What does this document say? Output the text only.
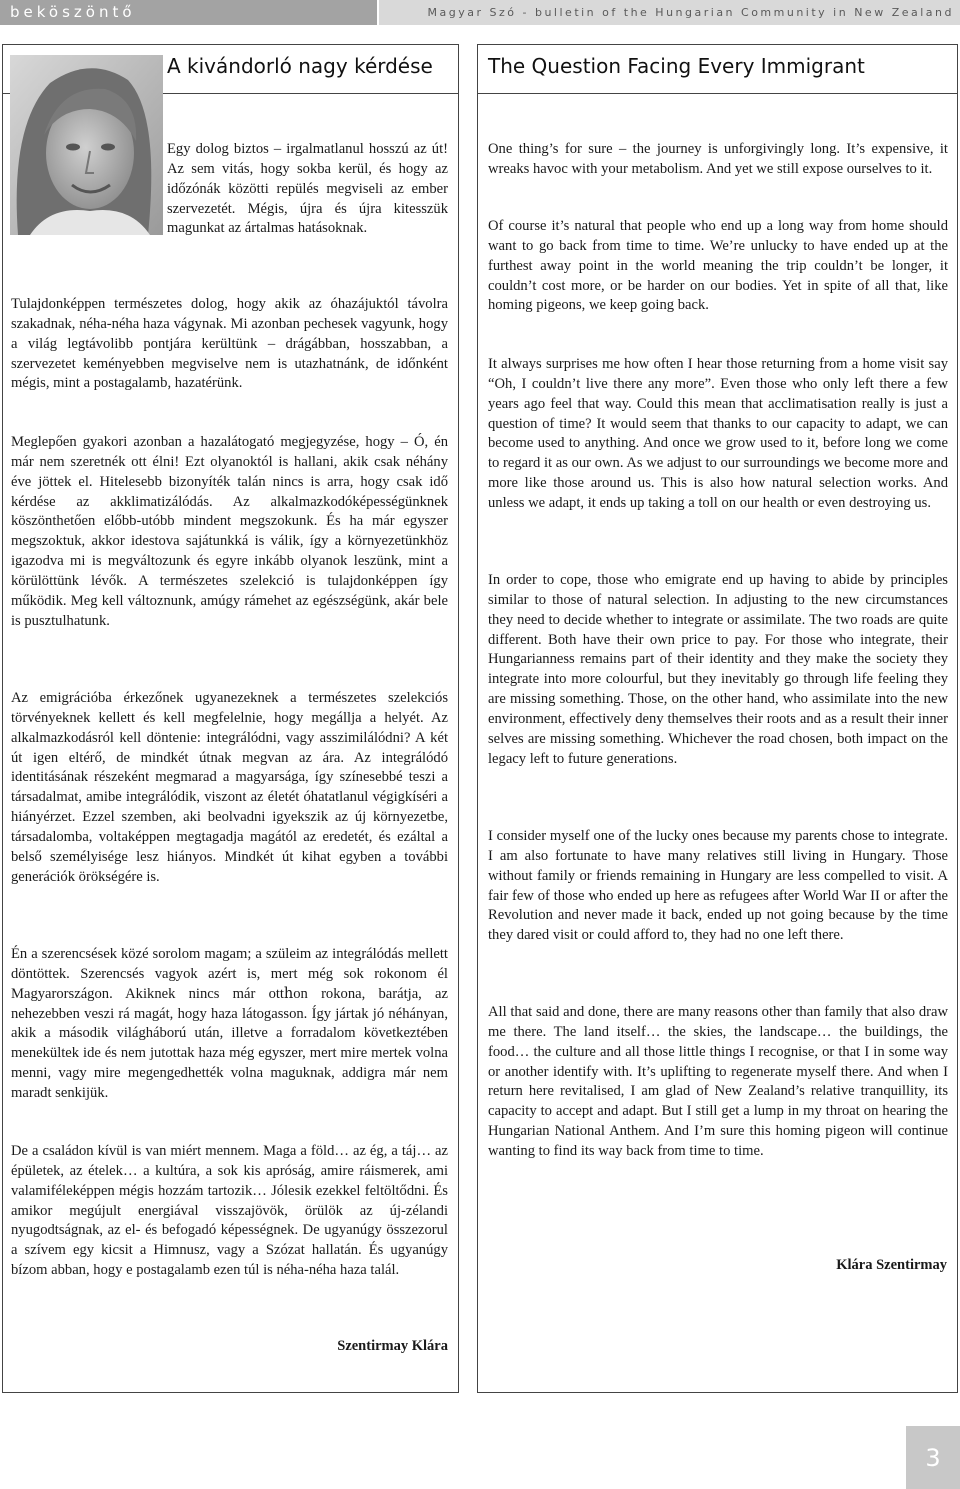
beköszöntő	Magyar Szó - bulletin of the Hungarian Community in New Zealand
A kivándorló nagy kérdése	The Question Facing Every Immigrant

Egy dolog biztos – irgalmatlanul hosszú az út! Az sem vitás, hogy sokba kerül, és hogy az időzónák közötti repülés megviseli az ember szervezetét. Mégis, újra és újra kitesszük magunkat az ártalmas hatásoknak.

Tulajdonképpen természetes dolog, hogy akik az óhazájuktól távolra szakadnak, néha-néha haza vágynak. Mi azonban pechesek vagyunk, hogy a világ legtávolibb pontjára kerültünk – drágábban, hosszabban, a szervezetet keményebben megviselve nem is utazhatnánk, de időnként mégis, mint a postagalamb, hazatérünk.

Meglepően gyakori azonban a hazalátogató megjegyzése, hogy – Ó, én már nem szeretnék ott élni! Ezt olyanoktól is hallani, akik csak néhány éve jöttek el. Hitelesebb bizonyíték talán nincs is arra, hogy csak idő kérdése az akklimatizálódás. Az alkalmazkodóképességünknek köszönthetően előbb-utóbb mindent megszokunk. És ha már egyszer megszoktuk, akkor idestova sajátunkká is válik, így a környezetünkhöz igazodva mi is megváltozunk és egyre inkább olyanok leszünk, mint a körülöttünk lévők. A természetes szelekció is tulajdonképpen így működik. Meg kell változnunk, amúgy rámehet az egészségünk, akár bele is pusztulhatunk.

Az emigrációba érkezőnek ugyanezeknek a természetes szelekciós törvényeknek kellett és kell megfelelnie, hogy megállja a helyét. Az alkalmazkodásról kell döntenie: integrálódni, vagy asszimilálódni? A két út igen eltérő, de mindkét útnak megvan az ára. Az integrálódó identitásának részeként megmarad a magyarsága, így színesebbé teszi a társadalmat, amibe integrálódik, viszont az életét óhatatlanul végigkíséri a hiányérzet. Ezzel szemben, aki beolvadni igyekszik az új környezetbe, társadalomba, voltaképpen megtagadja magától az eredetét, és ezáltal a belső személyisége lesz hiányos. Mindkét út kihat egyben a további generációk örökségére is.

Én a szerencsések közé sorolom magam; a szüleim az integrálódás mellett döntöttek. Szerencsés vagyok azért is, mert még sok rokonom él Magyarországon. Akiknek nincs már ottհon rokona, barátja, az nehezebben veszi rá magát, hogy haza látogasson. Így jártak jó néhányan, akik a második világháború után, illetve a forradalom következtében menekültek ide és nem jutottak haza még egyszer, mert mire mertek volna menni, vagy mire megengedhették volna maguknak, addigra már nem maradt senkijük.

De a családon kívül is van miért mennem. Maga a föld… az ég, a táj… az épületek, az ételek… a kultúra, a sok kis apróság, amire ráismerek, ami valamiféleképpen mégis hozzám tartozik… Jólesik ezekkel feltöltődni. És amikor megújult energiával visszajövök, örülök az új-zélandi nyugodtságnak, az el- és befogadó képességnek. De ugyanúgy összezorul a szívem egy kicsit a Himnusz, vagy a Szózat hallatán. És ugyanúgy bízom abban, hogy e postagalamb ezen túl is néha-néha haza talál.

Szentirmay Klára

One thing’s for sure – the journey is unforgivingly long. It’s expensive, it wreaks havoc with your metabolism. And yet we still expose ourselves to it.

Of course it’s natural that people who end up a long way from home should want to go back from time to time. We’re unlucky to have ended up at the furthest away point in the world meaning the trip couldn’t be longer, it couldn’t cost more, or be harder on our bodies. Yet in spite of all that, like homing pigeons, we keep going back.

It always surprises me how often I hear those returning from a home visit say “Oh, I couldn’t live there any more”. Even those who only left there a few years ago feel that way. Could this mean that acclimatisation really is just a question of time? It would seem that thanks to our capacity to adapt, we can become used to anything. And once we grow used to it, before long we come to regard it as our own. As we adjust to our surroundings we become more and more like those around us. This is also how natural selection works. And unless we adapt, it ends up taking a toll on our health or even destroying us.

In order to cope, those who emigrate end up having to abide by principles similar to those of natural selection. In adjusting to the new circumstances they need to decide whether to integrate or assimilate. The two roads are quite different. Both have their own price to pay. For those who integrate, their Hungarianness remains part of their identity and they make the society they integrate into more colourful, but they inevitably go through life feeling they are missing something. Those, on the other hand, who assimilate into the new environment, effectively deny themselves their roots and as a result their inner selves are missing something. Whichever the road chosen, both impact on the legacy left to future generations.

I consider myself one of the lucky ones because my parents chose to integrate. I am also fortunate to have many relatives still living in Hungary. Those without family or friends remaining in Hungary are less compelled to visit. A fair few of those who ended up here as refugees after World War II or after the Revolution and never made it back, ended up not going because by the time they dared visit or could afford to, they had no one left there.

All that said and done, there are many reasons other than family that also draw me there. The land itself… the skies, the landscape… the buildings, the food… the culture and all those little things I recognise, or that I in some way or another identify with. It’s uplifting to regenerate myself there. And when I return here revitalised, I am glad of New Zealand’s relative tranquillity, its capacity to accept and adapt. But I still get a lump in my throat on hearing the Hungarian National Anthem. And I’m sure this homing pigeon will continue wanting to find its way back from time to time.

Klára Szentirmay
3
